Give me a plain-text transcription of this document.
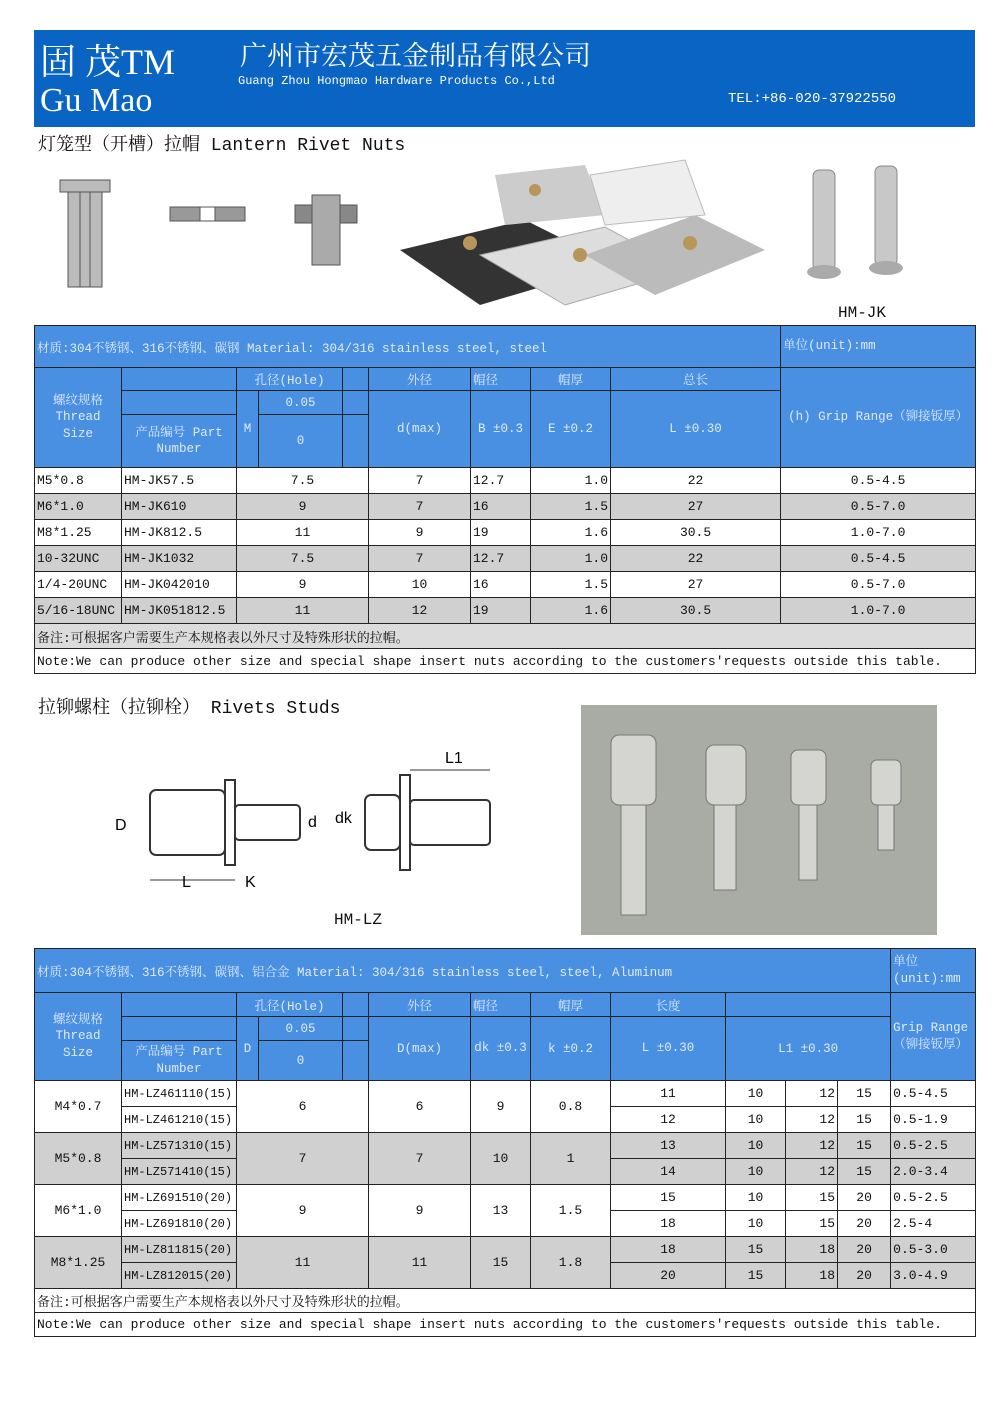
固 茂TM
Gu Mao
广州市宏茂五金制品有限公司
Guang Zhou Hongmao Hardware Products Co.,Ltd
TEL:+86-020-37922550
灯笼型（开槽）拉帽 Lantern Rivet Nuts
HM-JK
材质:304不锈钢、316不锈钢、碳钢 Material: 304/316 stainless steel, steel									单位(unit):mm
螺纹规格 Thread Size		孔径(Hole)			外径	帽径	帽厚	总长	(h) Grip Range（铆接钣厚）
		M	0.05		d(max)	B ±0.3	E ±0.2	L ±0.30	
	产品编号 Part Number		0						
M5*0.8	HM-JK57.5	7.5			7	12.7	1.0	22	0.5-4.5
M6*1.0	HM-JK610	9			7	16	1.5	27	0.5-7.0
M8*1.25	HM-JK812.5	11			9	19	1.6	30.5	1.0-7.0
10-32UNC	HM-JK1032	7.5			7	12.7	1.0	22	0.5-4.5
1/4-20UNC	HM-JK042010	9			10	16	1.5	27	0.5-7.0
5/16-18UNC	HM-JK051812.5	11			12	19	1.6	30.5	1.0-7.0
备注:可根据客户需要生产本规格表以外尺寸及特殊形状的拉帽。									
Note:We can produce other size and special shape insert nuts according to the customers'requests outside this table.									
拉铆螺柱（拉铆栓） Rivets Studs
D	d dk
L	K
L1
HM-LZ
材质:304不锈钢、316不锈钢、碳钢、铝合金 Material: 304/316 stainless steel, steel, Aluminum												单位(unit):mm
螺纹规格 Thread Size		孔径(Hole)			外径	帽径	帽厚	长度				Grip Range（铆接钣厚）
		D	0.05		D(max)	dk ±0.3	k ±0.2	L ±0.30	L1 ±0.30			
	产品编号 Part Number		0									
M4*0.7	HM-LZ461110(15)	6			6	9	0.8	11	10	12	15	0.5-4.5
	HM-LZ461210(15)							12	10	12	15	0.5-1.9
M5*0.8	HM-LZ571310(15)	7			7	10	1	13	10	12	15	0.5-2.5
	HM-LZ571410(15)							14	10	12	15	2.0-3.4
M6*1.0	HM-LZ691510(20)	9			9	13	1.5	15	10	15	20	0.5-2.5
	HM-LZ691810(20)							18	10	15	20	2.5-4
M8*1.25	HM-LZ811815(20)	11			11	15	1.8	18	15	18	20	0.5-3.0
	HM-LZ812015(20)							20	15	18	20	3.0-4.9
备注:可根据客户需要生产本规格表以外尺寸及特殊形状的拉帽。												
Note:We can produce other size and special shape insert nuts according to the customers'requests outside this table.												
